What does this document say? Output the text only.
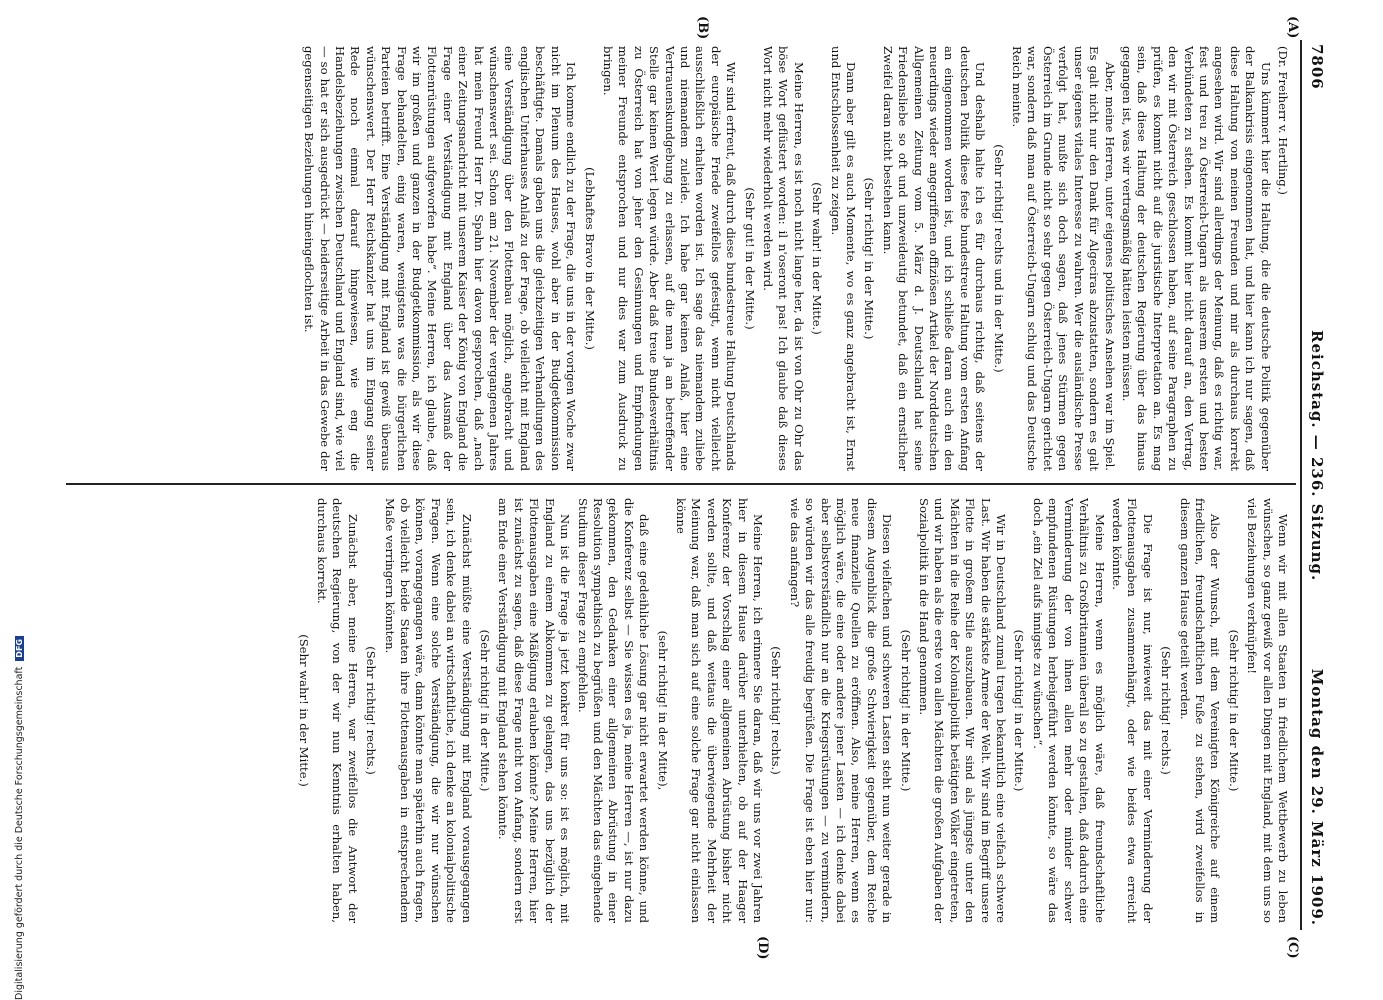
7806
Reichstag. — 236. Sitzung.
Montag den 29. März 1909.
(A)
(B)
(C)
(D)

(Dr. Freiherr v. Hertling.)

Uns kümmert hier die Haltung, die die deutsche Politik gegenüber der Balkankrisis eingenommen hat, und hier kann ich nur sagen, daß diese Haltung von meinen Freunden und mir als durchaus korrekt angesehen wird. Wir sind allerdings der Meinung, daß es richtig war, fest und treu zu Österreich-Ungarn als unserem ersten und besten Verbündeten zu stehen. Es kommt hier nicht darauf an, den Vertrag, den wir mit Österreich geschlossen haben, auf seine Paragraphen zu prüfen, es kommt nicht auf die juristische Interpretation an. Es mag sein, daß diese Haltung der deutschen Regierung über das hinaus gegangen ist, was wir vertragsmäßig hätten leisten müssen.

Aber, meine Herren, unter eigenes politisches Ansehen war im Spiel. Es galt nicht nur den Dank für Algeciras abzustatten, sondern es galt unser eigenes vitales Interesse zu wahren. Wer die ausländische Presse verfolgt hat, mußte sich doch sagen, daß jenes Stürmen gegen Österreich im Grunde nicht so sehr gegen Österreich-Ungarn gerichtet war, sondern daß man auf Österreich-Ungarn schlug und das Deutsche Reich meinte.

(Sehr richtig! rechts und in der Mitte.)

Und deshalb halte ich es für durchaus richtig, daß seitens der deutschen Politik diese feste bundestreue Haltung vom ersten Anfang an eingenommen worden ist, und ich schließe daran auch ein den neuerdings wieder angegriffenen offiziösen Artikel der Norddeutschen Allgemeinen Zeitung vom 5. März d. J. Deutschland hat seine Friedensliebe so oft und unzweideutig betundet, daß ein ernstlicher Zweifel daran nicht bestehen kann.

(Sehr richtig! in der Mitte.)

Dann aber gilt es auch Momente, wo es ganz angebracht ist, Ernst und Entschlossenheit zu zeigen.

(Sehr wahr! in der Mitte.)

Meine Herren, es ist noch nicht lange her, da ist von Ohr zu Ohr das böse Wort geflüstert worden: il n'oseront pas! Ich glaube daß dieses Wort nicht mehr wiederholt werden wird.

(Sehr gut! in der Mitte.)

Wir sind erfreut, daß durch diese bundestreue Haltung Deutschlands der europäische Friede zweifellos gefestigt, wenn nicht vielleicht ausschließlich erhalten worden ist. Ich sage das niemandem zuliebe und niemandem zuleide. Ich habe gar keinen Anlaß, hier eine Vertrauenskundgebung zu erlassen, auf die man ja an betreffender Stelle gar keinen Wert legen würde. Aber daß treue Bundesverhältnis zu Österreich hat von jeher den Gesinnungen und Empfindungen meiner Freunde entsprochen und nur dies war zum Ausdruck zu bringen.

(Lebhaftes Bravo in der Mitte.)

Ich komme endlich zu der Frage, die uns in der vorigen Woche zwar nicht im Plenum des Hauses, wohl aber in der Budgetkommission beschäftigte. Damals gaben uns die gleichzeitigen Verhandlungen des englischen Unterhauses Anlaß zu der Frage, ob vielleicht mit England eine Verständigung über den Flottenbau möglich, angebracht und wünschenswert sei. Schon am 21. November der vergangenen Jahres hat mein Freund Herr Dr. Spahn hier davon gesprochen, daß „nach einer Zeitungsnachricht mit unserem Kaiser der König von England die Frage einer Verständigung mit England über das Ausmaß der Flottenrüstungen aufgeworfen habe“. Meine Herren, ich glaube, daß wir im großen und ganzen in der Budgetkommission, als wir diese Frage behandelten, einig waren, wenigstens was die bürgerlichen Parteien betrifft. Eine Verständigung mit England ist gewiß überaus wünschenswert. Der Herr Reichskanzler hat uns im Eingang seiner Rede noch einmal darauf hingewiesen, wie eng die Handelsbeziehungen zwischen Deutschland und England sind, wie viel — so hat er sich ausgedrückt — beiderseitige Arbeit in das Gewebe der gegenseitigen Beziehungen hineingeflochten ist.

Wenn wir mit allen Staaten in friedlichem Wettbewerb zu leben wünschen, so ganz gewiß vor allen Dingen mit England, mit dem uns so viel Beziehungen verknüpfen!

(Sehr richtig! in der Mitte.)

Also der Wunsch, mit dem Vereinigten Königreiche auf einem friedlichen, freundschaftlichen Fuße zu stehen, wird zweifellos in diesem ganzen Hause geteilt werden.

(Sehr richtig! rechts.)

Die Frage ist nur, inwieweit das mit einer Verminderung der Flottenausgaben zusammenhängt, oder wie beides etwa erreicht werden könnte.

Meine Herren, wenn es möglich wäre, daß freundschaftliche Verhältnis zu Großbritannien überall so zu gestalten, daß dadurch eine Verminderung der von ihnen allen mehr oder minder schwer empfundenen Rüstungen herbeigeführt werden könnte, so wäre das doch „ein Ziel aufs innigste zu wünschen“.

(Sehr richtig! in der Mitte.)

Wir in Deutschland zumal tragen bekanntlich eine vielfach schwere Last. Wir haben die stärkste Armee der Welt. Wir sind im Begriff unsere Flotte in großem Stile auszubauen. Wir sind als jüngste unter den Mächten in die Reihe der Kolonialpolitik betätigten Völker eingetreten, und wir haben als die erste von allen Mächten die großen Aufgaben der Sozialpolitik in die Hand genommen.

(Sehr richtig! in der Mitte.)

Diesen vielfachen und schweren Lasten steht nun weiter gerade in diesem Augenblick die große Schwierigkeit gegenüber, dem Reiche neue finanzielle Quellen zu eröffnen. Also, meine Herren, wenn es möglich wäre, die eine oder andere jener Lasten — ich denke dabei aber selbstverständlich nur an die Kriegsrüstungen — zu vermindern, so würden wir das alle freudig begrüßen. Die Frage ist eben hier nur: wie das anfangen?

(Sehr richtig! rechts.)

Meine Herren, ich erinnere Sie daran, daß wir uns vor zwei Jahren hier in diesem Hause darüber unterhielten, ob auf der Haager Konferenz der Vorschlag einer allgemeinen Abrüstung bisher nicht werden sollte, und daß weitaus die überwiegende Mehrheit der Meinung war, daß man sich auf eine solche Frage gar nicht einlassen könne

(sehr richtig! in der Mitte),

daß eine gedeihliche Lösung gar nicht erwartet werden könne, und die Konferenz selbst — Sie wissen es ja, meine Herren —, ist nur dazu gekommen, den Gedanken einer allgemeinen Abrüstung in einer Resolution sympathisch zu begrüßen und den Mächten das eingehende Studium dieser Frage zu empfehlen.

Nun ist die Frage ja jetzt konkret für uns so: ist es möglich, mit England zu einem Abkommen zu gelangen, das uns bezüglich der Flottenausgaben eine Mäßigung erlauben könnte? Meine Herren, hier ist zunächst zu sagen, daß diese Frage nicht von Anfang, sondern erst am Ende einer Verständigung mit England stehen könnte.

(Sehr richtig! in der Mitte.)

Zunächst müßte eine Verständigung mit England vorausgegangen sein, ich denke dabei an wirtschaftliche, ich denke an kolonialpolitische Fragen. Wenn eine solche Verständigung, die wir nur wünschen können, vorangegangen wäre, dann könnte man späterhin auch fragen, ob vielleicht beide Staaten ihre Flottenausgaben in entsprechendem Maße verringern könnten.

(Sehr richtig! rechts.)

Zunächst aber, meine Herren, war zweifellos die Antwort der deutschen Regierung, von der wir nun Kenntnis erhalten haben, durchaus korrekt.

(Sehr wahr! in der Mitte.)

Digitalisierung gefördert durch die Deutsche ForschungsgemeinschaftDFG
